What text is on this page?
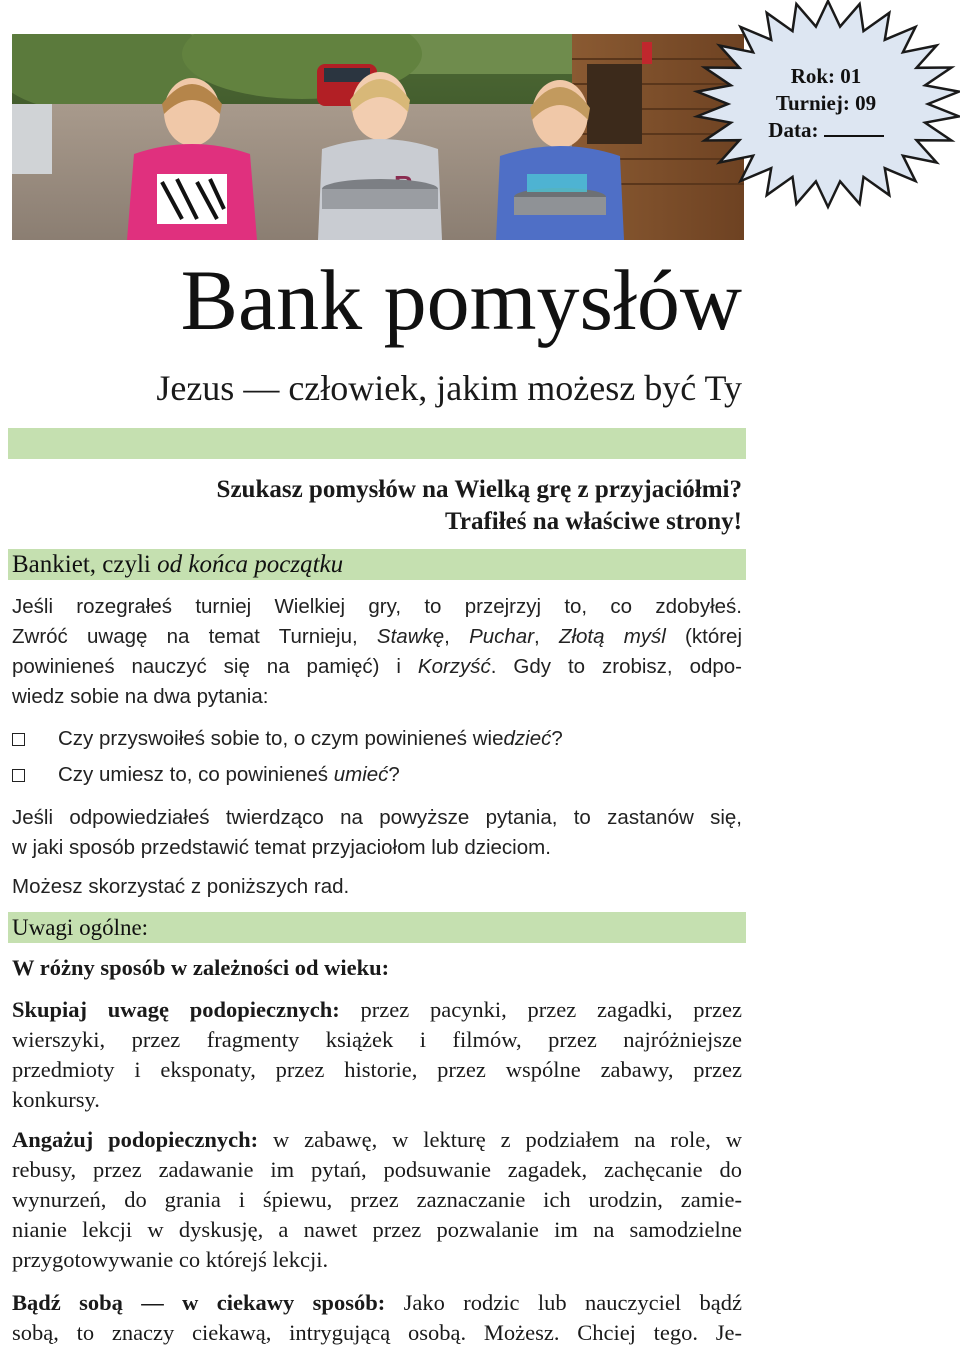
Rok: 01
Turniej: 09
Data:
Bank pomysłów
Jezus — człowiek, jakim możesz być Ty
Szukasz pomysłów na Wielką grę z przyjaciółmi?
Trafiłeś na właściwe strony!
Bankiet, czyli od końca początku
Jeśli rozegrałeś turniej Wielkiej gry, to przejrzyj to, co zdobyłeś.
Zwróć uwagę na temat Turnieju, Stawkę, Puchar, Złotą myśl (której
powinieneś nauczyć się na pamięć) i Korzyść. Gdy to zrobisz, odpo-
wiedz sobie na dwa pytania:
Czy przyswoiłeś sobie to, o czym powinieneś wiedzieć?
Czy umiesz to, co powinieneś umieć?
Jeśli odpowiedziałeś twierdząco na powyższe pytania, to zastanów się,
w jaki sposób przedstawić temat przyjaciołom lub dzieciom.
Możesz skorzystać z poniższych rad.
Uwagi ogólne:
W różny sposób w zależności od wieku:
Skupiaj uwagę podopiecznych: przez pacynki, przez zagadki, przez
wierszyki, przez fragmenty książek i filmów, przez najróżniejsze
przedmioty i eksponaty, przez historie, przez wspólne zabawy, przez
konkursy.
Angażuj podopiecznych: w zabawę, w lekturę z podziałem na role, w
rebusy, przez zadawanie im pytań, podsuwanie zagadek, zachęcanie do
wynurzeń, do grania i śpiewu, przez zaznaczanie ich urodzin, zamie-
nianie lekcji w dyskusję, a nawet przez pozwalanie im na samodzielne
przygotowywanie co którejś lekcji.
Bądź sobą — w ciekawy sposób: Jako rodzic lub nauczyciel bądź
sobą, to znaczy ciekawą, intrygującą osobą. Możesz. Chciej tego. Je-
